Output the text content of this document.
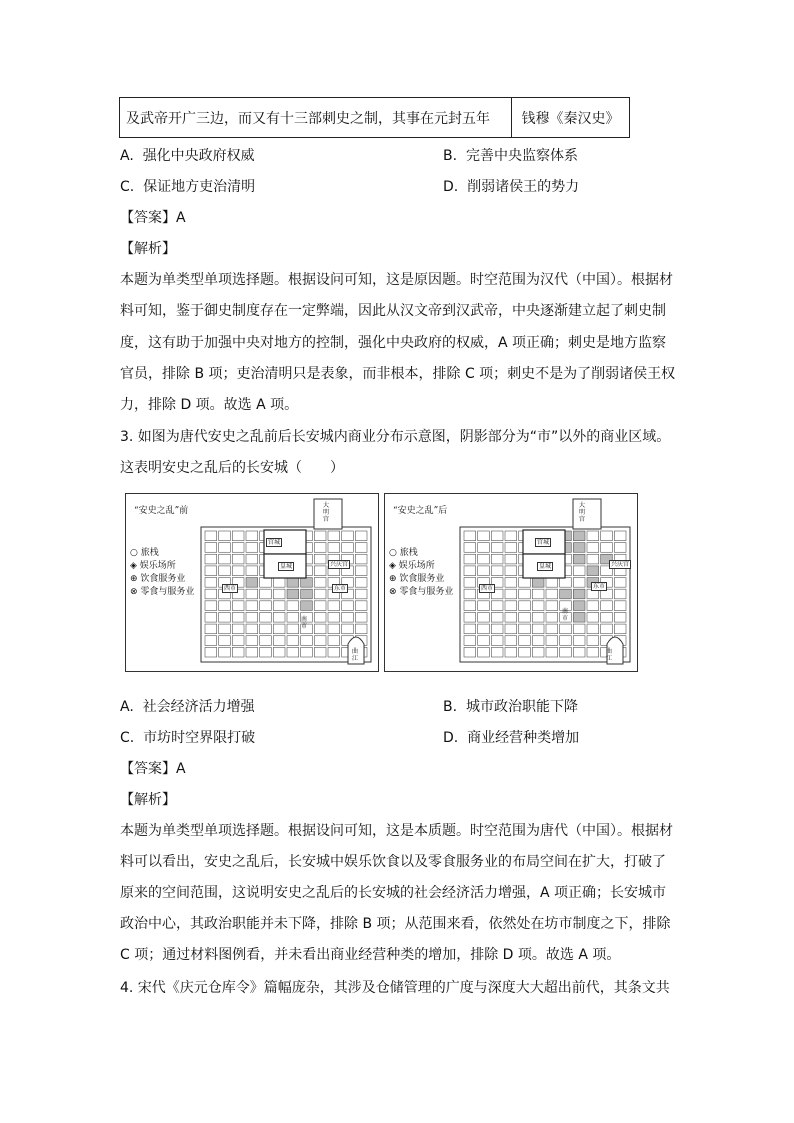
及武帝开广三边，而又有十三部刺史之制，其事在元封五年	钱穆《秦汉史》
A. 强化中央政府权威	B. 完善中央监察体系
C. 保证地方吏治清明	D. 削弱诸侯王的势力
【答案】A
【解析】
本题为单类型单项选择题。根据设问可知，这是原因题。时空范围为汉代（中国）。根据材
料可知，鉴于御史制度存在一定弊端，因此从汉文帝到汉武帝，中央逐渐建立起了刺史制
度，这有助于加强中央对地方的控制，强化中央政府的权威，A 项正确；刺史是地方监察
官员，排除 B 项；吏治清明只是表象，而非根本，排除 C 项；刺史不是为了削弱诸侯王权
力，排除 D 项。故选 A 项。
3. 如图为唐代安史之乱前后长安城内商业分布示意图，阴影部分为“市”以外的商业区域。
这表明安史之乱后的长安城（　　）
“安史之乱”前
○ 旅栈
◈ 娱乐场所
⊕ 饮食服务业
⊗ 零食与服务业
大明宫
宫城
皇城	兴庆宫
西市	东市
南市
曲江
“安史之乱”后
○ 旅栈
◈ 娱乐场所
⊕ 饮食服务业
⊗ 零食与服务业
大明宫
宫城
皇城	兴庆宫
西市	东市
南市
曲江
A. 社会经济活力增强	B. 城市政治职能下降
C. 市坊时空界限打破	D. 商业经营种类增加
【答案】A
【解析】
本题为单类型单项选择题。根据设问可知，这是本质题。时空范围为唐代（中国）。根据材
料可以看出，安史之乱后，长安城中娱乐饮食以及零食服务业的布局空间在扩大，打破了
原来的空间范围，这说明安史之乱后的长安城的社会经济活力增强，A 项正确；长安城市
政治中心，其政治职能并未下降，排除 B 项；从范围来看，依然处在坊市制度之下，排除
C 项；通过材料图例看，并未看出商业经营种类的增加，排除 D 项。故选 A 项。
4. 宋代《庆元仓库令》篇幅庞杂，其涉及仓储管理的广度与深度大大超出前代，其条文共
